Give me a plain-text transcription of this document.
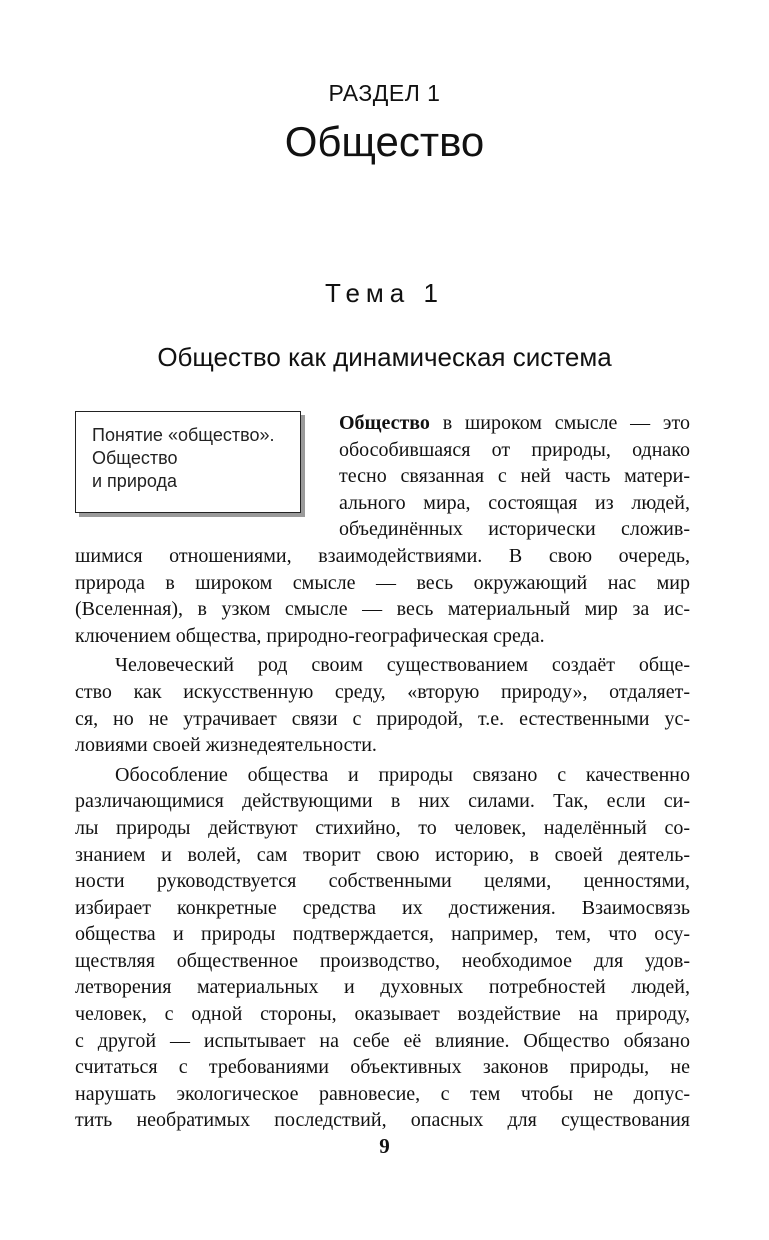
РАЗДЕЛ 1
Общество
Тема 1
Общество как динамическая система
Понятие «общество».
Общество
и природа
Общество в широком смысле — это
обособившаяся от природы, однако
тесно связанная с ней часть матери-
ального мира, состоящая из людей,
объединённых исторически сложив-
шимися отношениями, взаимодействиями. В свою очередь,
природа в широком смысле — весь окружающий нас мир
(Вселенная), в узком смысле — весь материальный мир за ис-
ключением общества, природно-географическая среда.
Человеческий род своим существованием создаёт обще-
ство как искусственную среду, «вторую природу», отдаляет-
ся, но не утрачивает связи с природой, т.е. естественными ус-
ловиями своей жизнедеятельности.
Обособление общества и природы связано с качественно
различающимися действующими в них силами. Так, если си-
лы природы действуют стихийно, то человек, наделённый со-
знанием и волей, сам творит свою историю, в своей деятель-
ности руководствуется собственными целями, ценностями,
избирает конкретные средства их достижения. Взаимосвязь
общества и природы подтверждается, например, тем, что осу-
ществляя общественное производство, необходимое для удов-
летворения материальных и духовных потребностей людей,
человек, с одной стороны, оказывает воздействие на природу,
с другой — испытывает на себе её влияние. Общество обязано
считаться с требованиями объективных законов природы, не
нарушать экологическое равновесие, с тем чтобы не допус-
тить необратимых последствий, опасных для существования
9
